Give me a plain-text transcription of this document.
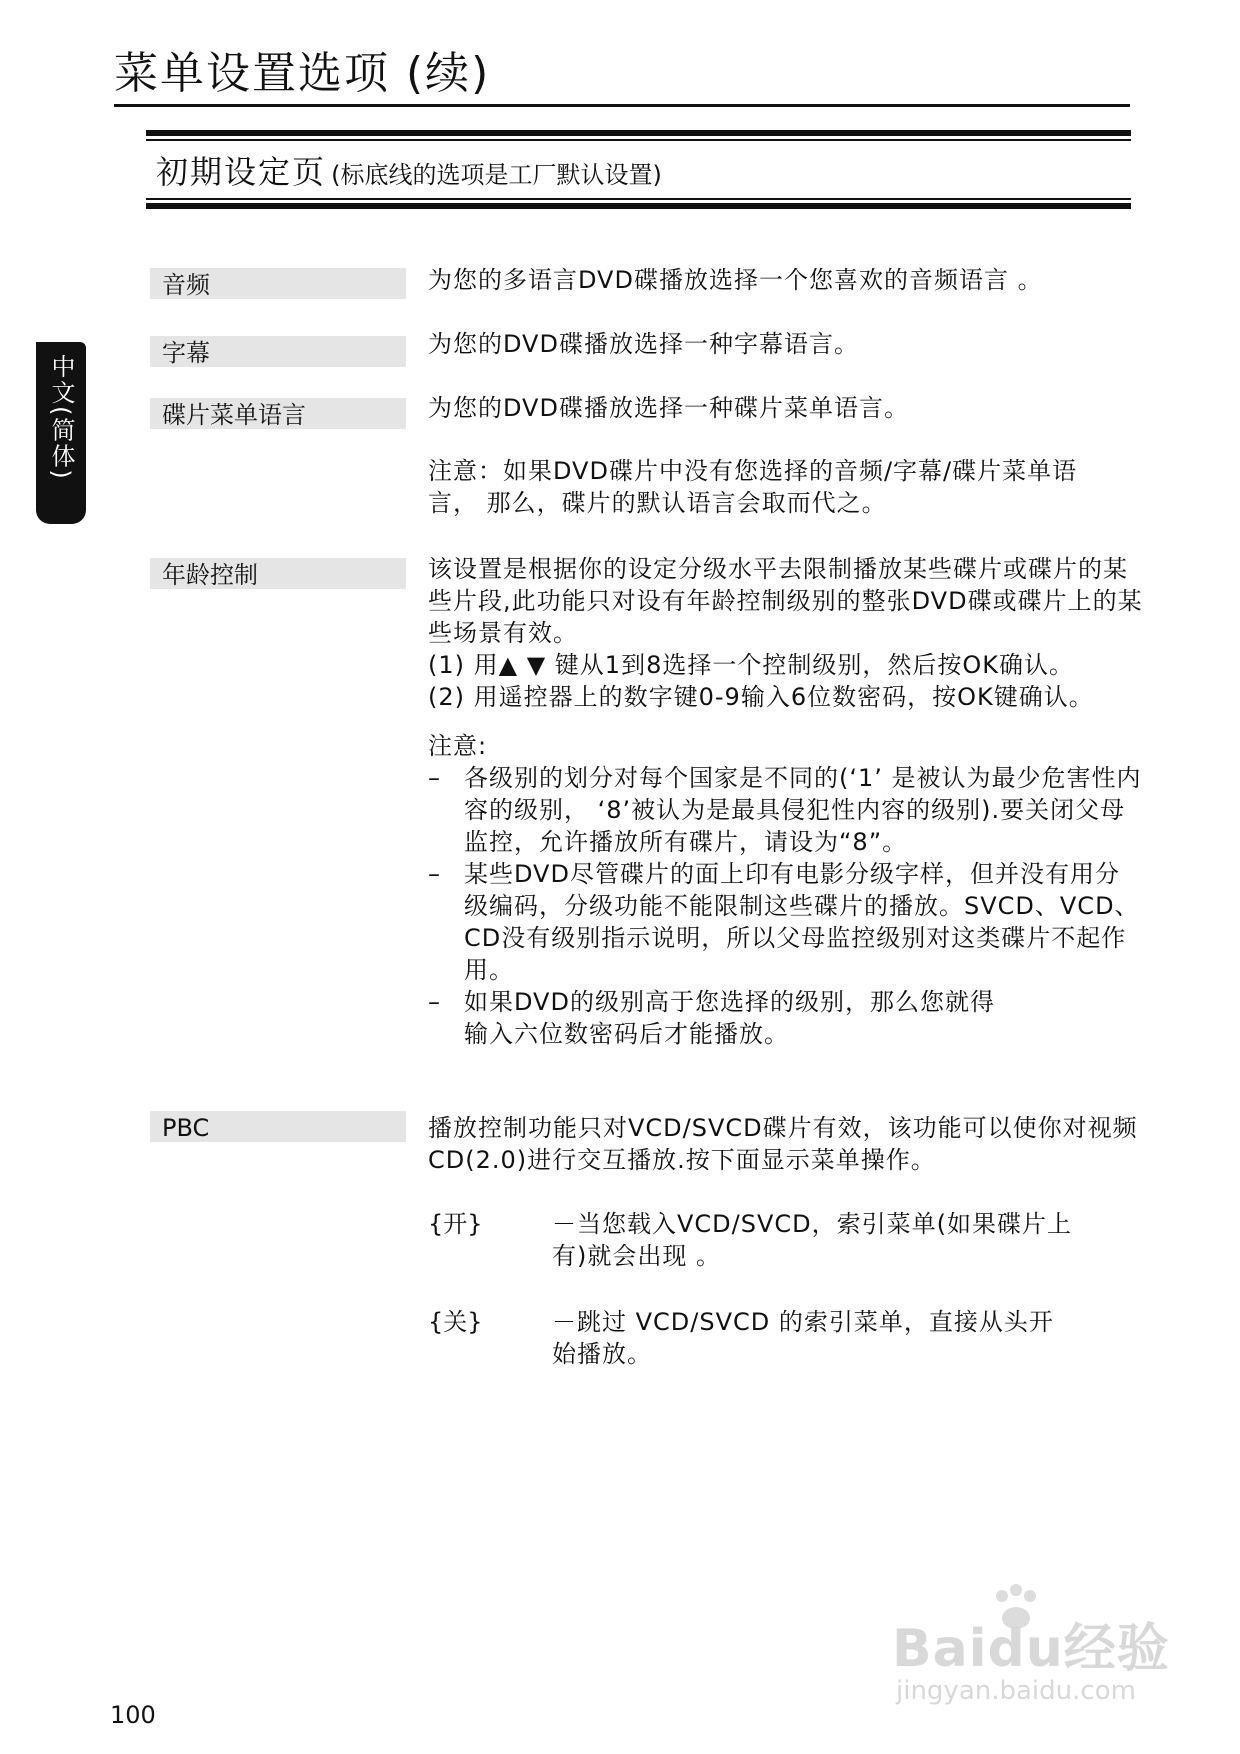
菜单设置选项 (续)
初期设定页 (标底线的选项是工厂默认设置)
中文(简体)
音频	为您的多语言DVD碟播放选择一个您喜欢的音频语言 。

字幕	为您的DVD碟播放选择一种字幕语言。

碟片菜单语言	为您的DVD碟播放选择一种碟片菜单语言。

注意：如果DVD碟片中没有您选择的音频/字幕/碟片菜单语言， 那么，碟片的默认语言会取而代之。

年龄控制	该设置是根据你的设定分级水平去限制播放某些碟片或碟片的某些片段,此功能只对设有年龄控制级别的整张DVD碟或碟片上的某些场景有效。

(1) 用▲ ▼ 键从1到8选择一个控制级别，然后按OK确认。

(2) 用遥控器上的数字键0-9输入6位数密码，按OK键确认。

注意:

– 各级别的划分对每个国家是不同的(‘1’ 是被认为最少危害性内容的级别， ‘8’被认为是最具侵犯性内容的级别).要关闭父母监控，允许播放所有碟片，请设为“8”。
– 某些DVD尽管碟片的面上印有电影分级字样，但并没有用分级编码，分级功能不能限制这些碟片的播放。SVCD、VCD、CD没有级别指示说明，所以父母监控级别对这类碟片不起作用。
– 如果DVD的级别高于您选择的级别，那么您就得输入六位数密码后才能播放。
PBC	播放控制功能只对VCD/SVCD碟片有效，该功能可以使你对视频CD(2.0)进行交互播放.按下面显示菜单操作。

{开}	－当您载入VCD/SVCD，索引菜单(如果碟片上有)就会出现 。
{关}	－跳过 VCD/SVCD 的索引菜单，直接从头开始播放。
100
Baidu经验
jingyan.baidu.com
